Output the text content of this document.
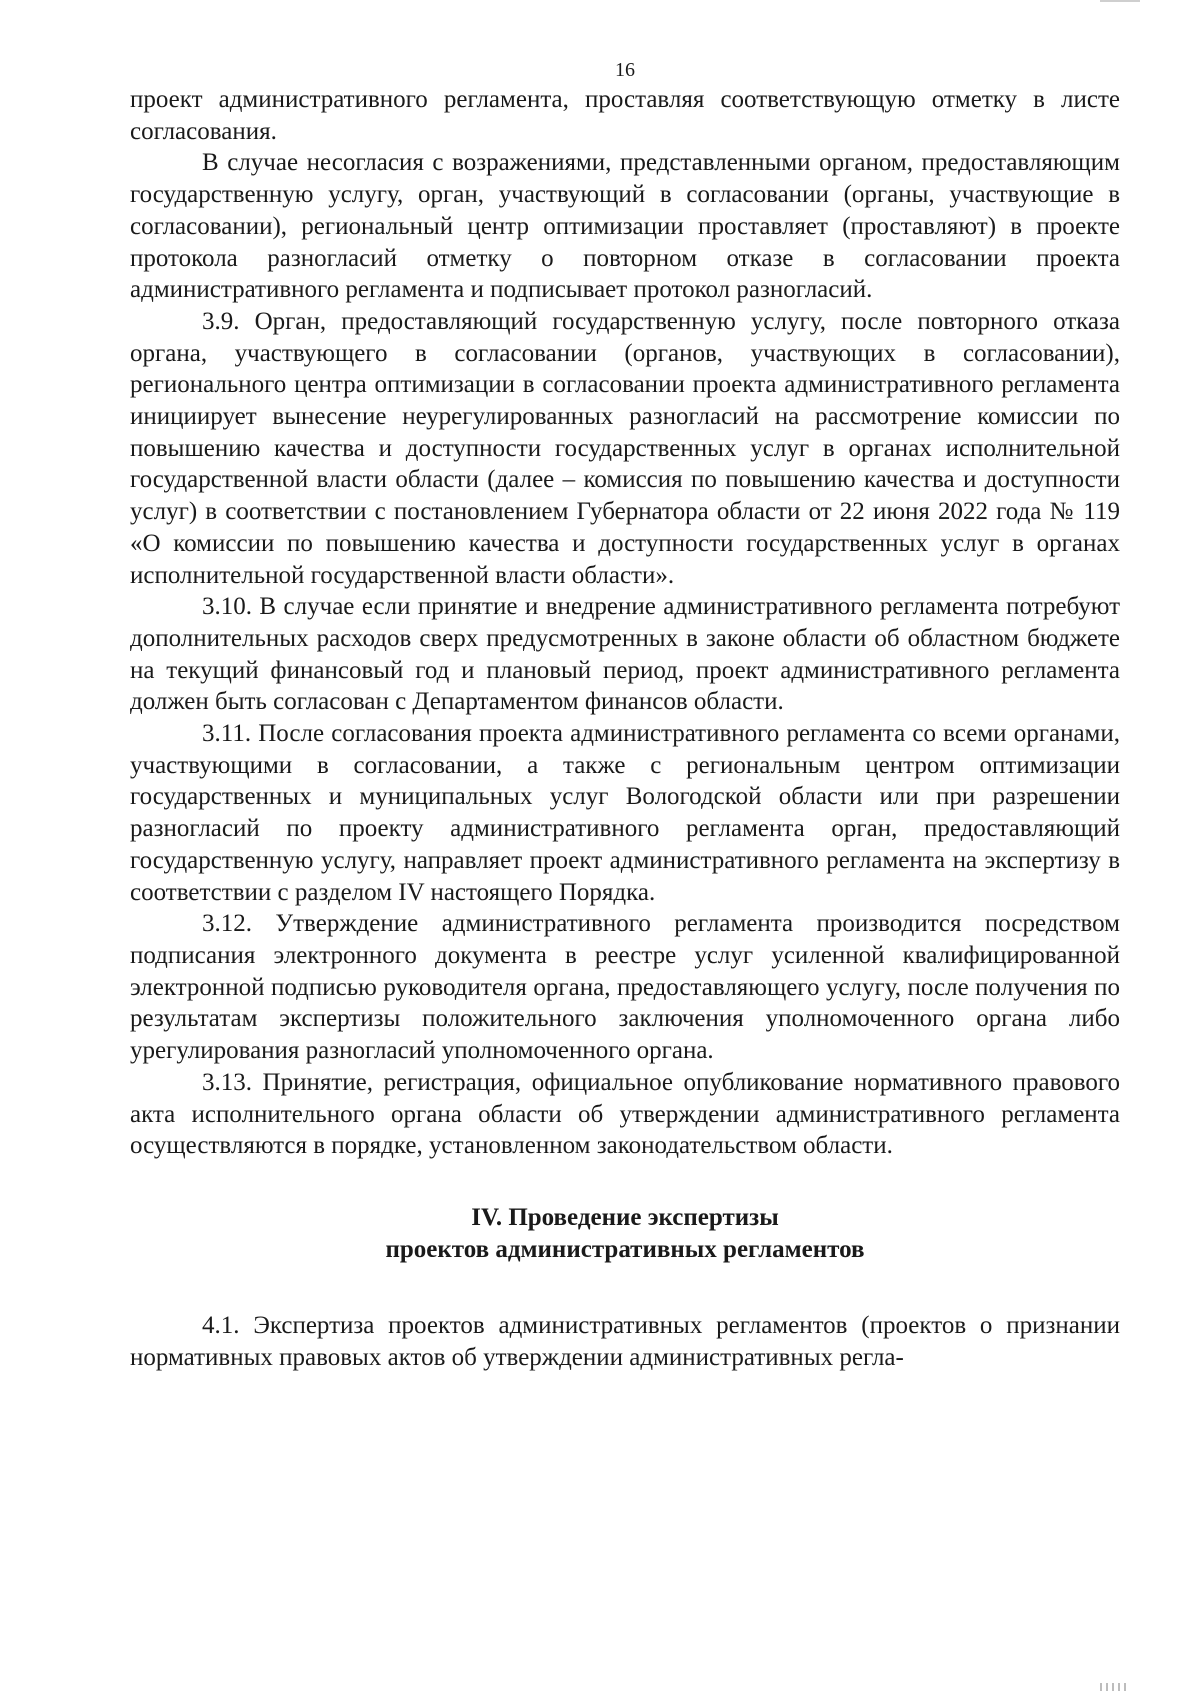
16

проект административного регламента, проставляя соответствующую отметку в листе согласования.

В случае несогласия с возражениями, представленными органом, предоставляющим государственную услугу, орган, участвующий в согласовании (органы, участвующие в согласовании), региональный центр оптимизации проставляет (проставляют) в проекте протокола разногласий отметку о повторном отказе в согласовании проекта административного регламента и подписывает протокол разногласий.

3.9. Орган, предоставляющий государственную услугу, после повторного отказа органа, участвующего в согласовании (органов, участвующих в согласовании), регионального центра оптимизации в согласовании проекта административного регламента инициирует вынесение неурегулированных разногласий на рассмотрение комиссии по повышению качества и доступности государственных услуг в органах исполнительной государственной власти области (далее – комиссия по повышению качества и доступности услуг) в соответствии с постановлением Губернатора области от 22 июня 2022 года № 119 «О комиссии по повышению качества и доступности государственных услуг в органах исполнительной государственной власти области».

3.10. В случае если принятие и внедрение административного регламента потребуют дополнительных расходов сверх предусмотренных в законе области об областном бюджете на текущий финансовый год и плановый период, проект административного регламента должен быть согласован с Департаментом финансов области.

3.11. После согласования проекта административного регламента со всеми органами, участвующими в согласовании, а также с региональным центром оптимизации государственных и муниципальных услуг Вологодской области или при разрешении разногласий по проекту административного регламента орган, предоставляющий государственную услугу, направляет проект административного регламента на экспертизу в соответствии с разделом IV настоящего Порядка.

3.12. Утверждение административного регламента производится посредством подписания электронного документа в реестре услуг усиленной квалифицированной электронной подписью руководителя органа, предоставляющего услугу, после получения по результатам экспертизы положительного заключения уполномоченного органа либо урегулирования разногласий уполномоченного органа.

3.13. Принятие, регистрация, официальное опубликование нормативного правового акта исполнительного органа области об утверждении административного регламента осуществляются в порядке, установленном законодательством области.

IV. Проведение экспертизы
проектов административных регламентов

4.1. Экспертиза проектов административных регламентов (проектов о признании нормативных правовых актов об утверждении административных регла-
